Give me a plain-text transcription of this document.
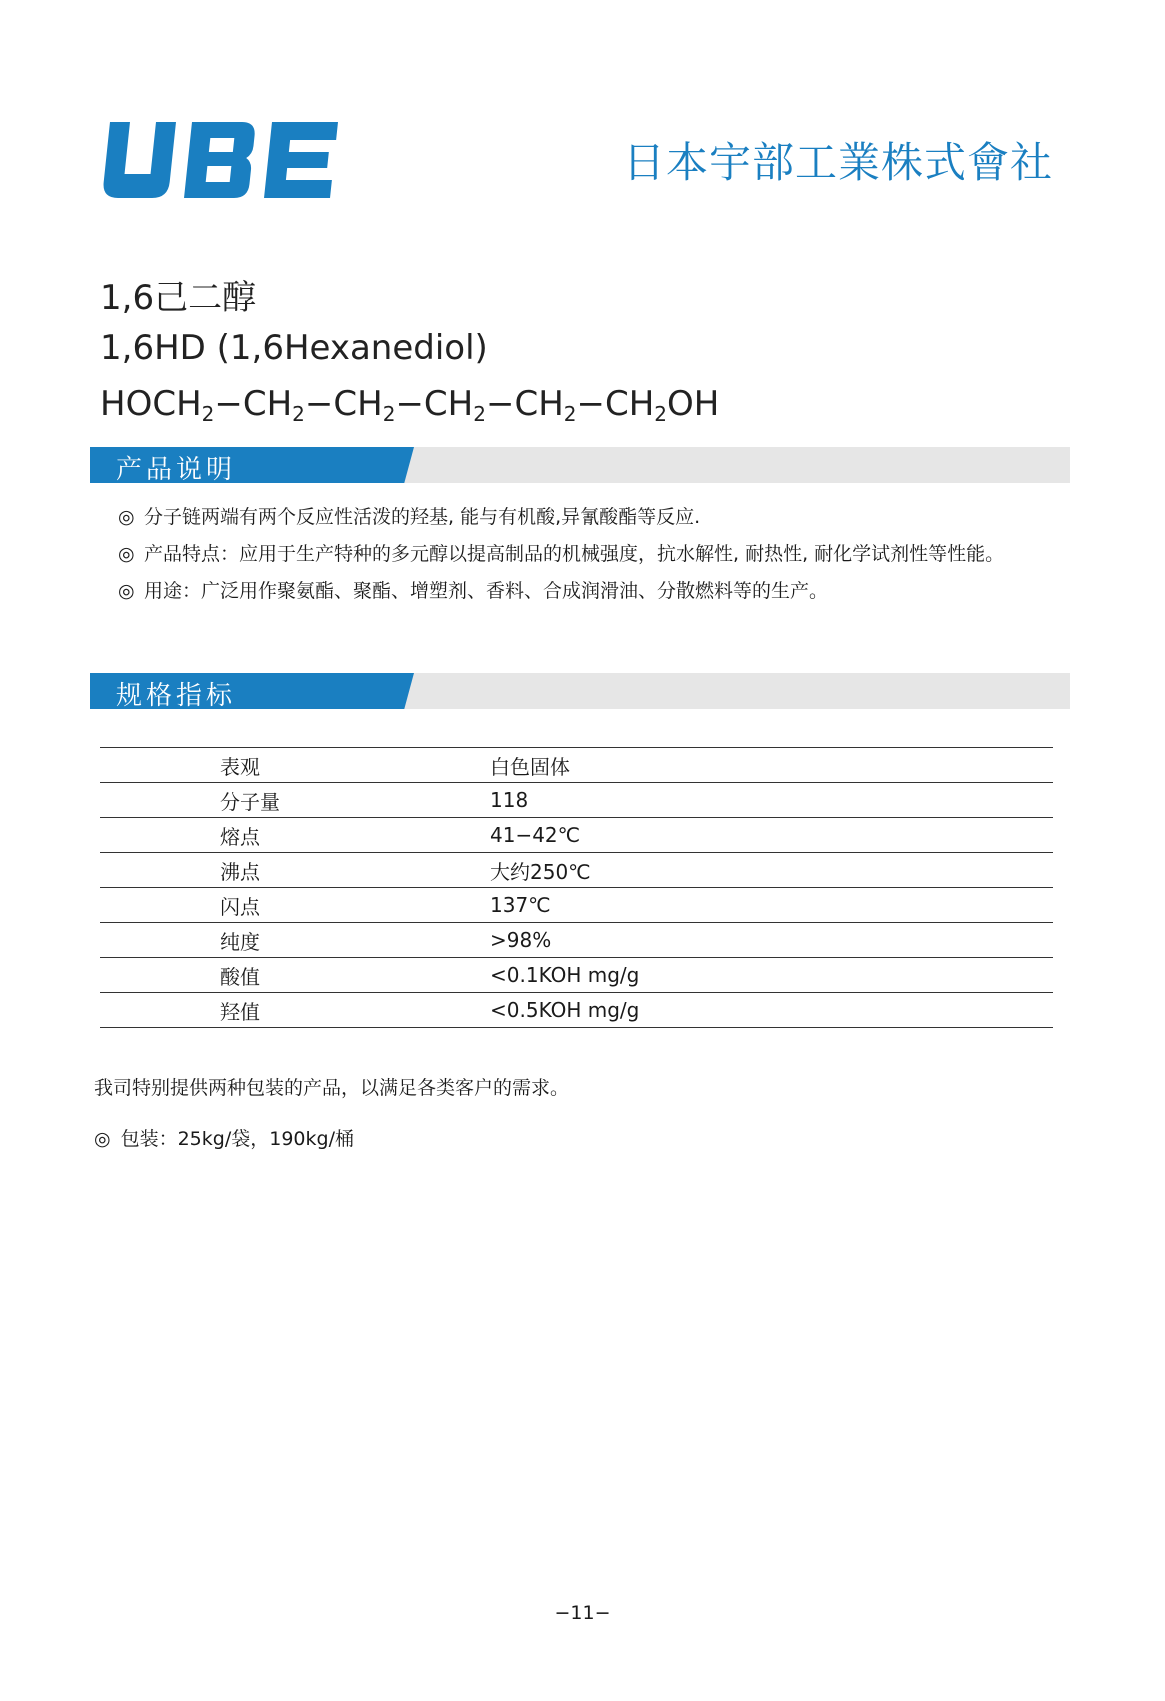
日本宇部工業株式會社
1,6己二醇
1,6HD (1,6Hexanediol)
$HOCH_2-CH_2-CH_2-CH_2-CH_2-CH_2OH$
产品说明
◎ 分子链两端有两个反应性活泼的羟基, 能与有机酸,异氰酸酯等反应.
◎ 产品特点：应用于生产特种的多元醇以提高制品的机械强度，抗水解性, 耐热性, 耐化学试剂性等性能。
◎ 用途：广泛用作聚氨酯、聚酯、增塑剂、香料、合成润滑油、分散燃料等的生产。
规格指标
表观	白色固体
分子量	118
熔点	41−42℃
沸点	大约250℃
闪点	137℃
纯度	>98%
酸值	<0.1KOH mg/g
羟值	<0.5KOH mg/g
我司特别提供两种包装的产品，以满足各类客户的需求。
◎ 包装：25kg/袋，190kg/桶
−11−
